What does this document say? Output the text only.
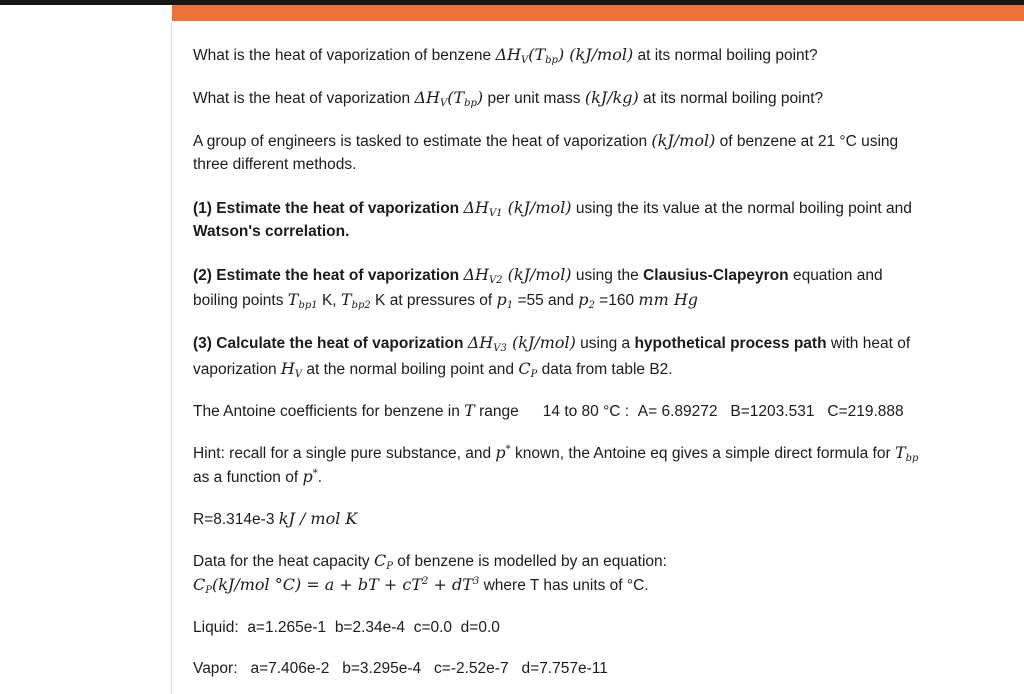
What is the heat of vaporization of benzene $\Delta H_V(T_{bp})$ (kJ/mol) at its normal boiling point?
What is the heat of vaporization $\Delta H_V(T_{bp})$ per unit mass (kJ/kg) at its normal boiling point?
A group of engineers is tasked to estimate the heat of vaporization (kJ/mol) of benzene at 21 °C using
three different methods.
(1) Estimate the heat of vaporization $\Delta H_{V1}$ (kJ/mol) using the its value at the normal boiling point and
Watson's correlation.
(2) Estimate the heat of vaporization $\Delta H_{V2}$ (kJ/mol) using the Clausius-Clapeyron equation and
boiling points $T_{bp1}$ K, $T_{bp2}$ K at pressures of $p_1 =55$ and $p_2 =160$ mm Hg
(3) Calculate the heat of vaporization $\Delta H_{V3}$ (kJ/mol) using a hypothetical process path with heat of
vaporization $H_V$ at the normal boiling point and $C_P$ data from table B2.
The Antoine coefficients for benzene in T range 14 to 80 °C : A= 6.89272 B=1203.531 C=219.888
Hint: recall for a single pure substance, and p* known, the Antoine eq gives a simple direct formula for $T_{bp}$
as a function of p*.
R=8.314e-3 kJ / mol K
Data for the heat capacity $C_P$ of benzene is modelled by an equation:
$C_P(kJ$/mol °C) = a + bT + $cT^2 + dT^3$ where T has units of °C.
Liquid: a=1.265e-1 b=2.34e-4 c=0.0 d=0.0
Vapor: a=7.406e-2 b=3.295e-4 c=-2.52e-7 d=7.757e-11
